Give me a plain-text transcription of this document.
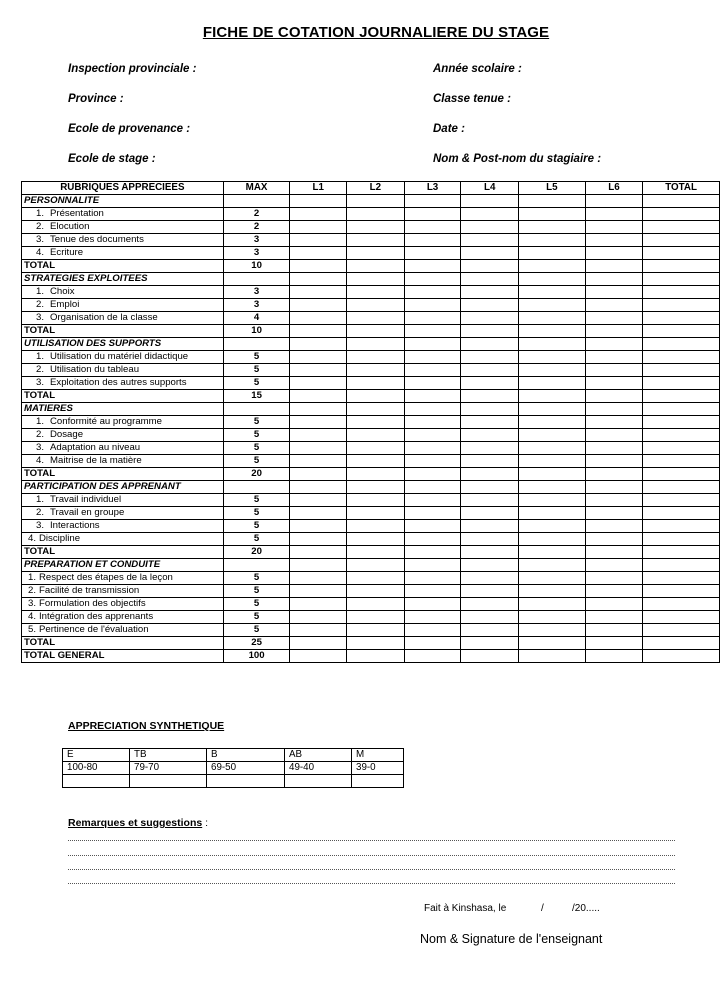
FICHE DE COTATION JOURNALIERE DU STAGE
Inspection provinciale :	Année scolaire :
Province :	Classe tenue :
Ecole de provenance :	Date :
Ecole de stage :	Nom & Post-nom du stagiaire :
RUBRIQUES APPRECIEES	MAX	L1	L2	L3	L4	L5	L6	TOTAL
PERSONNALITE								
1. Présentation	2							
2. Elocution	2							
3. Tenue des documents	3							
4. Ecriture	3							
TOTAL	10							
STRATEGIES EXPLOITEES								
1. Choix	3							
2. Emploi	3							
3. Organisation de la classe	4							
TOTAL	10							
UTILISATION DES SUPPORTS								
1. Utilisation du matériel didactique	5							
2. Utilisation du tableau	5							
3. Exploitation des autres supports	5							
TOTAL	15							
MATIERES								
1. Conformité au programme	5							
2. Dosage	5							
3. Adaptation au niveau	5							
4. Maitrise de la matière	5							
TOTAL	20							
PARTICIPATION DES APPRENANT								
1. Travail individuel	5							
2. Travail en groupe	5							
3. Interactions	5							
4. Discipline	5							
TOTAL	20							
PREPARATION ET CONDUITE								
1. Respect des étapes de la leçon	5							
2. Facilité de transmission	5							
3. Formulation des objectifs	5							
4. Intégration des apprenants	5							
5. Pertinence de l'évaluation	5							
TOTAL	25							
TOTAL GENERAL	100							
APPRECIATION SYNTHETIQUE
E	TB	B	AB	M
100-80	79-70	69-50	49-40	39-0

Remarques et suggestions :
Fait à Kinshasa, le	/	/20.....
Nom & Signature de l'enseignant
